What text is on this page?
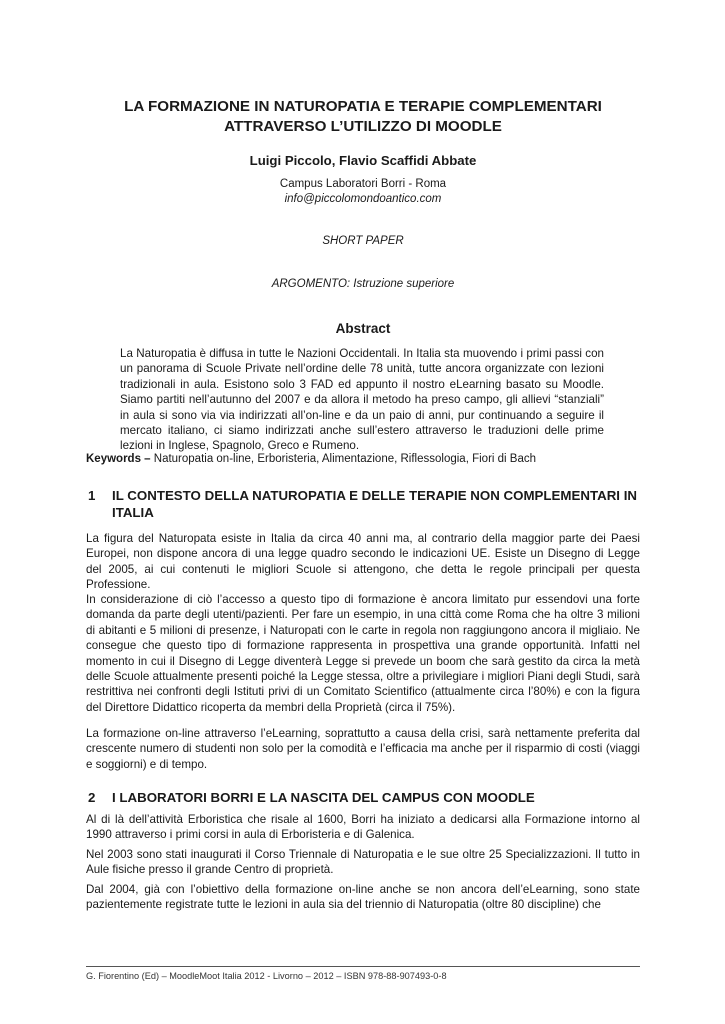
LA FORMAZIONE IN NATUROPATIA E TERAPIE COMPLEMENTARI ATTRAVERSO L’UTILIZZO DI MOODLE
Luigi Piccolo, Flavio Scaffidi Abbate
Campus Laboratori Borri - Roma
info@piccolomondoantico.com
SHORT PAPER
ARGOMENTO: Istruzione superiore
Abstract

La Naturopatia è diffusa in tutte le Nazioni Occidentali. In Italia sta muovendo i primi passi con un panorama di Scuole Private nell’ordine delle 78 unità, tutte ancora organizzate con lezioni tradizionali in aula. Esistono solo 3 FAD ed appunto il nostro eLearning basato su Moodle. Siamo partiti nell’autunno del 2007 e da allora il metodo ha preso campo, gli allievi “stanziali” in aula si sono via via indirizzati all’on-line e da un paio di anni, pur continuando a seguire il mercato italiano, ci siamo indirizzati anche sull’estero attraverso le traduzioni delle prime lezioni in Inglese, Spagnolo, Greco e Rumeno.

Keywords – Naturopatia on-line, Erboristeria, Alimentazione, Riflessologia, Fiori di Bach

1 IL CONTESTO DELLA NATUROPATIA E DELLE TERAPIE NON COMPLEMENTARI IN ITALIA

La figura del Naturopata esiste in Italia da circa 40 anni ma, al contrario della maggior parte dei Paesi Europei, non dispone ancora di una legge quadro secondo le indicazioni UE. Esiste un Disegno di Legge del 2005, ai cui contenuti le migliori Scuole si attengono, che detta le regole principali per questa Professione.

In considerazione di ciò l’accesso a questo tipo di formazione è ancora limitato pur essendovi una forte domanda da parte degli utenti/pazienti. Per fare un esempio, in una città come Roma che ha oltre 3 milioni di abitanti e 5 milioni di presenze, i Naturopati con le carte in regola non raggiungono ancora il migliaio. Ne consegue che questo tipo di formazione rappresenta in prospettiva una grande opportunità. Infatti nel momento in cui il Disegno di Legge diventerà Legge si prevede un boom che sarà gestito da circa la metà delle Scuole attualmente presenti poiché la Legge stessa, oltre a privilegiare i migliori Piani degli Studi, sarà restrittiva nei confronti degli Istituti privi di un Comitato Scientifico (attualmente circa l’80%) e con la figura del Direttore Didattico ricoperta da membri della Proprietà (circa il 75%).

La formazione on-line attraverso l’eLearning, soprattutto a causa della crisi, sarà nettamente preferita dal crescente numero di studenti non solo per la comodità e l’efficacia ma anche per il risparmio di costi (viaggi e soggiorni) e di tempo.

2 I LABORATORI BORRI E LA NASCITA DEL CAMPUS CON MOODLE

Al di là dell’attività Erboristica che risale al 1600, Borri ha iniziato a dedicarsi alla Formazione intorno al 1990 attraverso i primi corsi in aula di Erboristeria e di Galenica.

Nel 2003 sono stati inaugurati il Corso Triennale di Naturopatia e le sue oltre 25 Specializzazioni. Il tutto in Aule fisiche presso il grande Centro di proprietà.

Dal 2004, già con l’obiettivo della formazione on-line anche se non ancora dell’eLearning, sono state pazientemente registrate tutte le lezioni in aula sia del triennio di Naturopatia (oltre 80 discipline) che

G. Fiorentino (Ed) – MoodleMoot Italia 2012 - Livorno – 2012 – ISBN 978-88-907493-0-8
